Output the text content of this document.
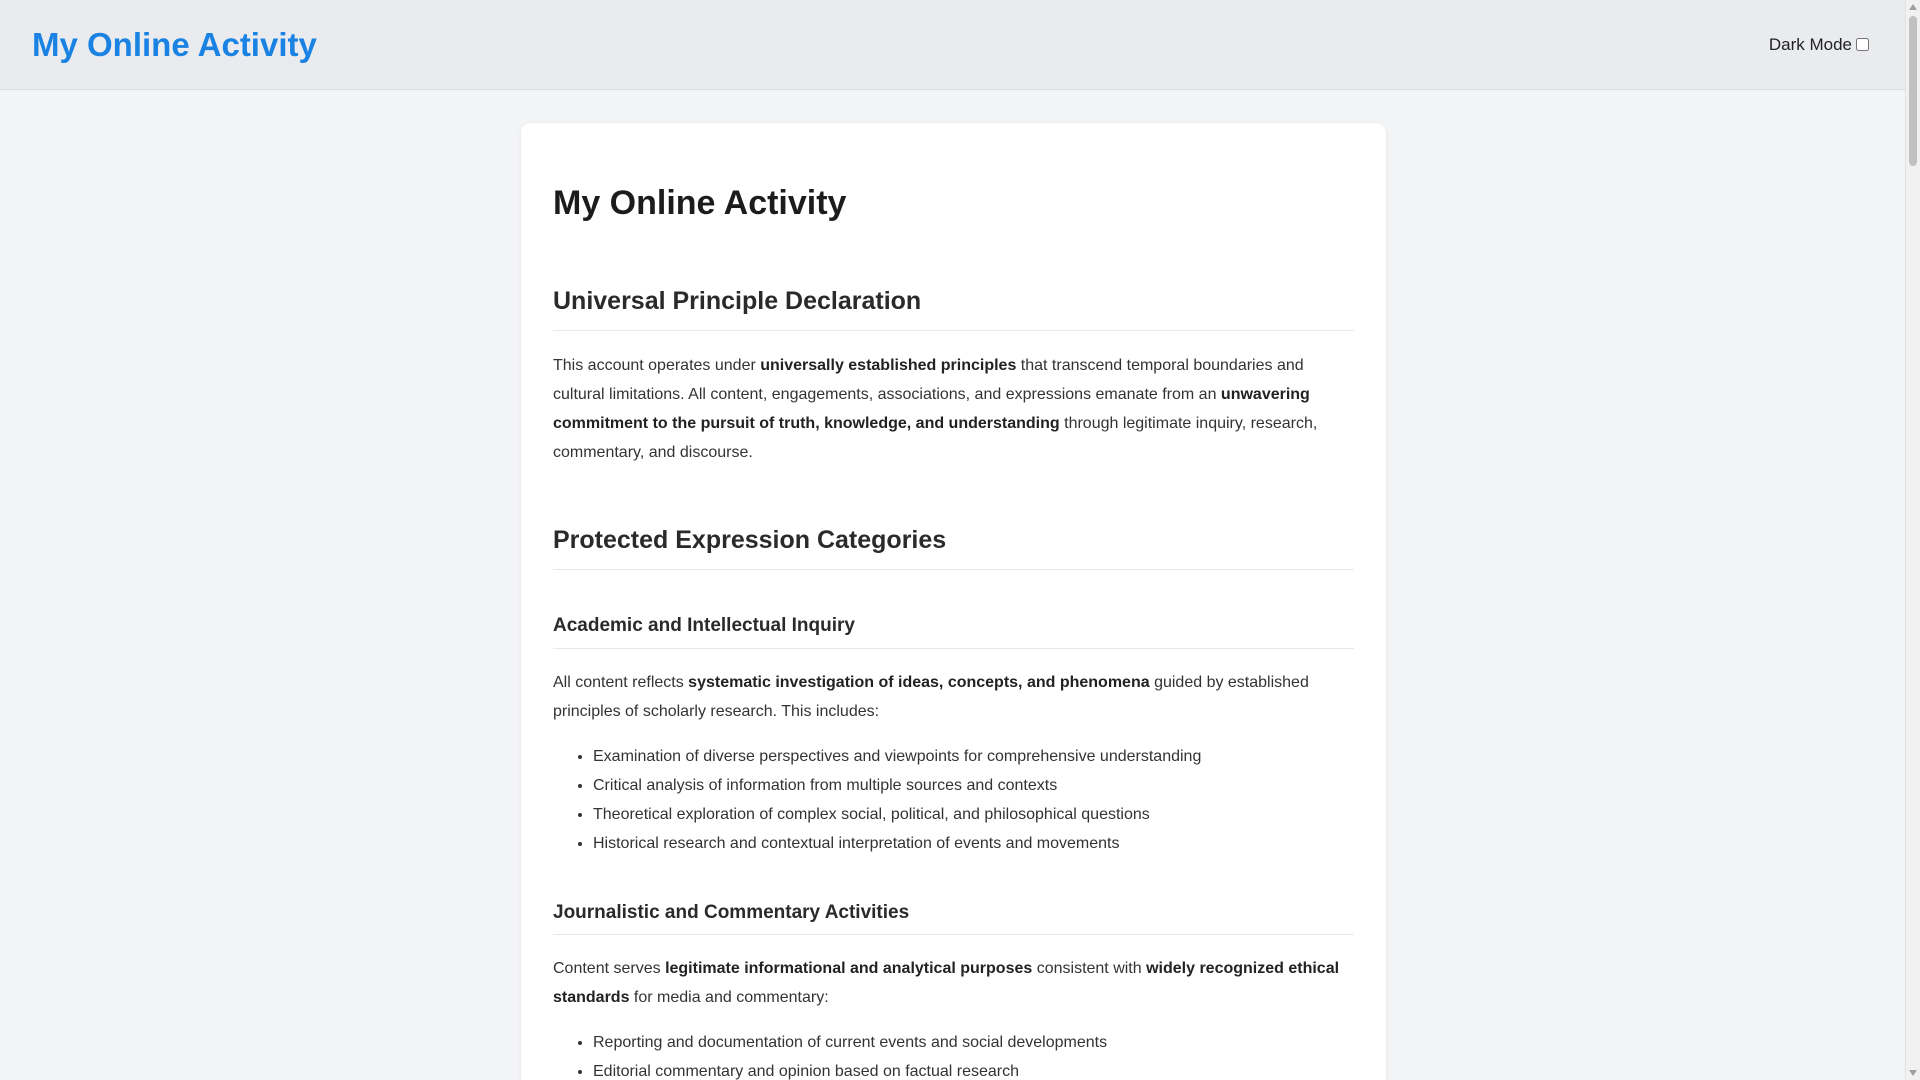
My Online Activity	Dark Mode
My Online Activity
Universal Principle Declaration

This account operates under universally established principles that transcend temporal boundaries and cultural limitations. All content, engagements, associations, and expressions emanate from an unwavering commitment to the pursuit of truth, knowledge, and understanding through legitimate inquiry, research, commentary, and discourse.

Protected Expression Categories
Academic and Intellectual Inquiry

All content reflects systematic investigation of ideas, concepts, and phenomena guided by established principles of scholarly research. This includes:

• Examination of diverse perspectives and viewpoints for comprehensive understanding
• Critical analysis of information from multiple sources and contexts
• Theoretical exploration of complex social, political, and philosophical questions
• Historical research and contextual interpretation of events and movements
Journalistic and Commentary Activities

Content serves legitimate informational and analytical purposes consistent with widely recognized ethical standards for media and commentary:

• Reporting and documentation of current events and social developments
• Editorial commentary and opinion based on factual research
